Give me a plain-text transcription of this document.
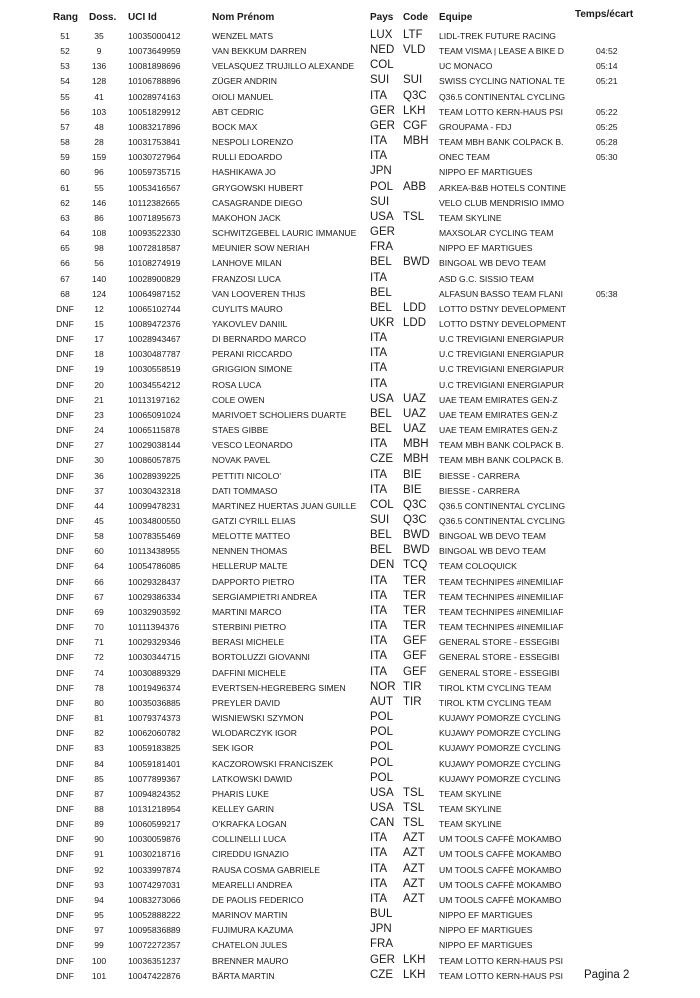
Rang Doss. UCI Id	Nom Prénom	Pays Code Equipe	Temps/écart
51	35	10035000412	WENZEL MATS	LUX LTF	LIDL-TREK FUTURE RACING
52	9	10073649959	VAN BEKKUM DARREN	NED VLD	TEAM VISMA | LEASE A BIKE D	04:52
53	136	10081898696	VELASQUEZ TRUJILLO ALEXANDE	COL	UC MONACO	05:14
54	128	10106788896	ZÜGER ANDRIN	SUI	SUI	SWISS CYCLING NATIONAL TE	05:21
55	41	10028974163	OIOLI MANUEL	ITA	Q3C	Q36.5 CONTINENTAL CYCLING
56	103	10051829912	ABT CEDRIC	GER LKH	TEAM LOTTO KERN-HAUS PSI	05:22
57	48	10083217896	BOCK MAX	GER CGF	GROUPAMA - FDJ	05:25
58	28	10031753841	NESPOLI LORENZO	ITA	MBH	TEAM MBH BANK COLPACK B.	05:28
59	159	10030727964	RULLI EDOARDO	ITA	ONEC TEAM	05:30
60	96	10059735715	HASHIKAWA JO	JPN	NIPPO EF MARTIGUES
61	55	10053416567	GRYGOWSKI HUBERT	POL ABB	ARKEA-B&B HOTELS CONTINE
62	146	10112382665	CASAGRANDE DIEGO	SUI	VELO CLUB MENDRISIO IMMO
63	86	10071895673	MAKOHON JACK	USA TSL	TEAM SKYLINE
64	108	10093522330	SCHWITZGEBEL LAURIC IMMANUE	GER	MAXSOLAR CYCLING TEAM
65	98	10072818587	MEUNIER SOW NERIAH	FRA	NIPPO EF MARTIGUES
66	56	10108274919	LANHOVE MILAN	BEL BWD	BINGOAL WB DEVO TEAM
67	140	10028900829	FRANZOSI LUCA	ITA	ASD G.C. SISSIO TEAM
68	124	10064987152	VAN LOOVEREN THIJS	BEL	ALFASUN BASSO TEAM FLANI	05:38
DNF	12	10065102744	CUYLITS MAURO	BEL LDD	LOTTO DSTNY DEVELOPMENT
DNF	15	10089472376	YAKOVLEV DANIIL	UKR LDD	LOTTO DSTNY DEVELOPMENT
DNF	17	10028943467	DI BERNARDO MARCO	ITA	U.C TREVIGIANI ENERGIAPUR
DNF	18	10030487787	PERANI RICCARDO	ITA	U.C TREVIGIANI ENERGIAPUR
DNF	19	10030558519	GRIGGION SIMONE	ITA	U.C TREVIGIANI ENERGIAPUR
DNF	20	10034554212	ROSA LUCA	ITA	U.C TREVIGIANI ENERGIAPUR
DNF	21	10113197162	COLE OWEN	USA UAZ	UAE TEAM EMIRATES GEN-Z
DNF	23	10065091024	MARIVOET SCHOLIERS DUARTE	BEL UAZ	UAE TEAM EMIRATES GEN-Z
DNF	24	10065115878	STAES GIBBE	BEL UAZ	UAE TEAM EMIRATES GEN-Z
DNF	27	10029038144	VESCO LEONARDO	ITA	MBH	TEAM MBH BANK COLPACK B.
DNF	30	10086057875	NOVAK PAVEL	CZE MBH	TEAM MBH BANK COLPACK B.
DNF	36	10028939225	PETTITI NICOLO'	ITA	BIE	BIESSE - CARRERA
DNF	37	10030432318	DATI TOMMASO	ITA	BIE	BIESSE - CARRERA
DNF	44	10099478231	MARTINEZ HUERTAS JUAN GUILLE	COL Q3C	Q36.5 CONTINENTAL CYCLING
DNF	45	10034800550	GATZI CYRILL ELIAS	SUI	Q3C	Q36.5 CONTINENTAL CYCLING
DNF	58	10078355469	MELOTTE MATTEO	BEL BWD	BINGOAL WB DEVO TEAM
DNF	60	10113438955	NENNEN THOMAS	BEL BWD	BINGOAL WB DEVO TEAM
DNF	64	10054786085	HELLERUP MALTE	DEN TCQ	TEAM COLOQUICK
DNF	66	10029328437	DAPPORTO PIETRO	ITA	TER	TEAM TECHNIPES #INEMILIAF
DNF	67	10029386334	SERGIAMPIETRI ANDREA	ITA	TER	TEAM TECHNIPES #INEMILIAF
DNF	69	10032903592	MARTINI MARCO	ITA	TER	TEAM TECHNIPES #INEMILIAF
DNF	70	10111394376	STERBINI PIETRO	ITA	TER	TEAM TECHNIPES #INEMILIAF
DNF	71	10029329346	BERASI MICHELE	ITA	GEF	GENERAL STORE - ESSEGIBI
DNF	72	10030344715	BORTOLUZZI GIOVANNI	ITA	GEF	GENERAL STORE - ESSEGIBI
DNF	74	10030889329	DAFFINI MICHELE	ITA	GEF	GENERAL STORE - ESSEGIBI
DNF	78	10019496374	EVERTSEN-HEGREBERG SIMEN	NOR TIR	TIROL KTM CYCLING TEAM
DNF	80	10035036885	PREYLER DAVID	AUT TIR	TIROL KTM CYCLING TEAM
DNF	81	10079374373	WISNIEWSKI SZYMON	POL	KUJAWY POMORZE CYCLING
DNF	82	10062060782	WLODARCZYK IGOR	POL	KUJAWY POMORZE CYCLING
DNF	83	10059183825	SEK IGOR	POL	KUJAWY POMORZE CYCLING
DNF	84	10059181401	KACZOROWSKI FRANCISZEK	POL	KUJAWY POMORZE CYCLING
DNF	85	10077899367	LATKOWSKI DAWID	POL	KUJAWY POMORZE CYCLING
DNF	87	10094824352	PHARIS LUKE	USA TSL	TEAM SKYLINE
DNF	88	10131218954	KELLEY GARIN	USA TSL	TEAM SKYLINE
DNF	89	10060599217	O'KRAFKA LOGAN	CAN TSL	TEAM SKYLINE
DNF	90	10030059876	COLLINELLI LUCA	ITA	AZT	UM TOOLS CAFFÈ MOKAMBO
DNF	91	10030218716	CIREDDU IGNAZIO	ITA	AZT	UM TOOLS CAFFÈ MOKAMBO
DNF	92	10033997874	RAUSA COSMA GABRIELE	ITA	AZT	UM TOOLS CAFFÈ MOKAMBO
DNF	93	10074297031	MEARELLI ANDREA	ITA	AZT	UM TOOLS CAFFÈ MOKAMBO
DNF	94	10083273066	DE PAOLIS FEDERICO	ITA	AZT	UM TOOLS CAFFÈ MOKAMBO
DNF	95	10052888222	MARINOV MARTIN	BUL	NIPPO EF MARTIGUES
DNF	97	10095836889	FUJIMURA KAZUMA	JPN	NIPPO EF MARTIGUES
DNF	99	10072272357	CHATELON JULES	FRA	NIPPO EF MARTIGUES
DNF	100	10036351237	BRENNER MAURO	GER LKH	TEAM LOTTO KERN-HAUS PSI
DNF	101	10047422876	BÄRTA MARTIN	CZE LKH	TEAM LOTTO KERN-HAUS PSI	Pagina 2
